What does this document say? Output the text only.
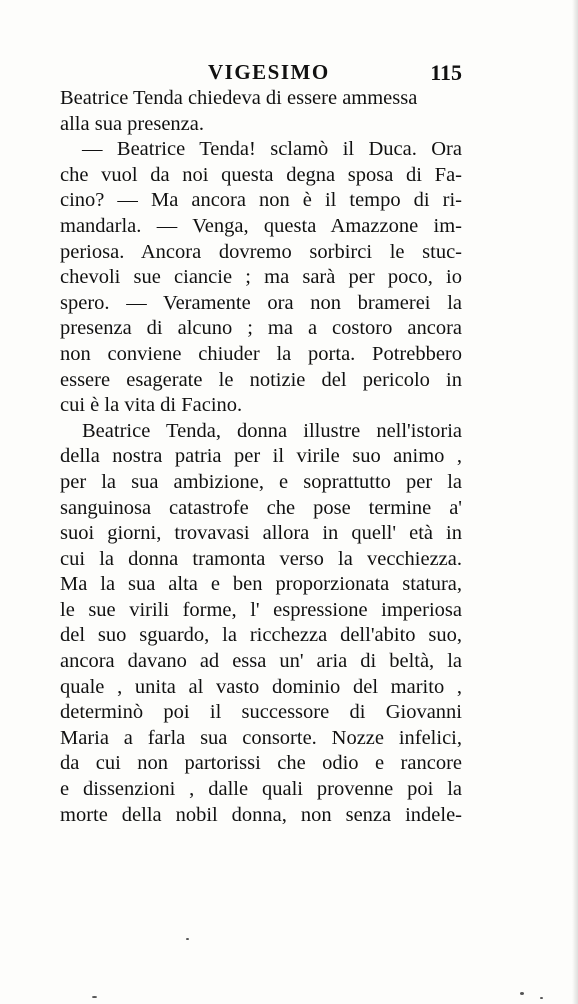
VIGESIMO	115
Beatrice Tenda chiedeva di essere ammessa
alla sua presenza.
— Beatrice Tenda! sclamò il Duca. Ora
che vuol da noi questa degna sposa di Fa-
cino? — Ma ancora non è il tempo di ri-
mandarla. — Venga, questa Amazzone im-
periosa. Ancora dovremo sorbirci le stuc-
chevoli sue ciancie ; ma sarà per poco, io
spero. — Veramente ora non bramerei la
presenza di alcuno ; ma a costoro ancora
non conviene chiuder la porta. Potrebbero
essere esagerate le notizie del pericolo in
cui è la vita di Facino.
Beatrice Tenda, donna illustre nell'istoria
della nostra patria per il virile suo animo ,
per la sua ambizione, e soprattutto per la
sanguinosa catastrofe che pose termine a'
suoi giorni, trovavasi allora in quell' età in
cui la donna tramonta verso la vecchiezza.
Ma la sua alta e ben proporzionata statura,
le sue virili forme, l' espressione imperiosa
del suo sguardo, la ricchezza dell'abito suo,
ancora davano ad essa un' aria di beltà, la
quale , unita al vasto dominio del marito ,
determinò poi il successore di Giovanni
Maria a farla sua consorte. Nozze infelici,
da cui non partorissi che odio e rancore
e dissenzioni , dalle quali provenne poi la
morte della nobil donna, non senza indele-
